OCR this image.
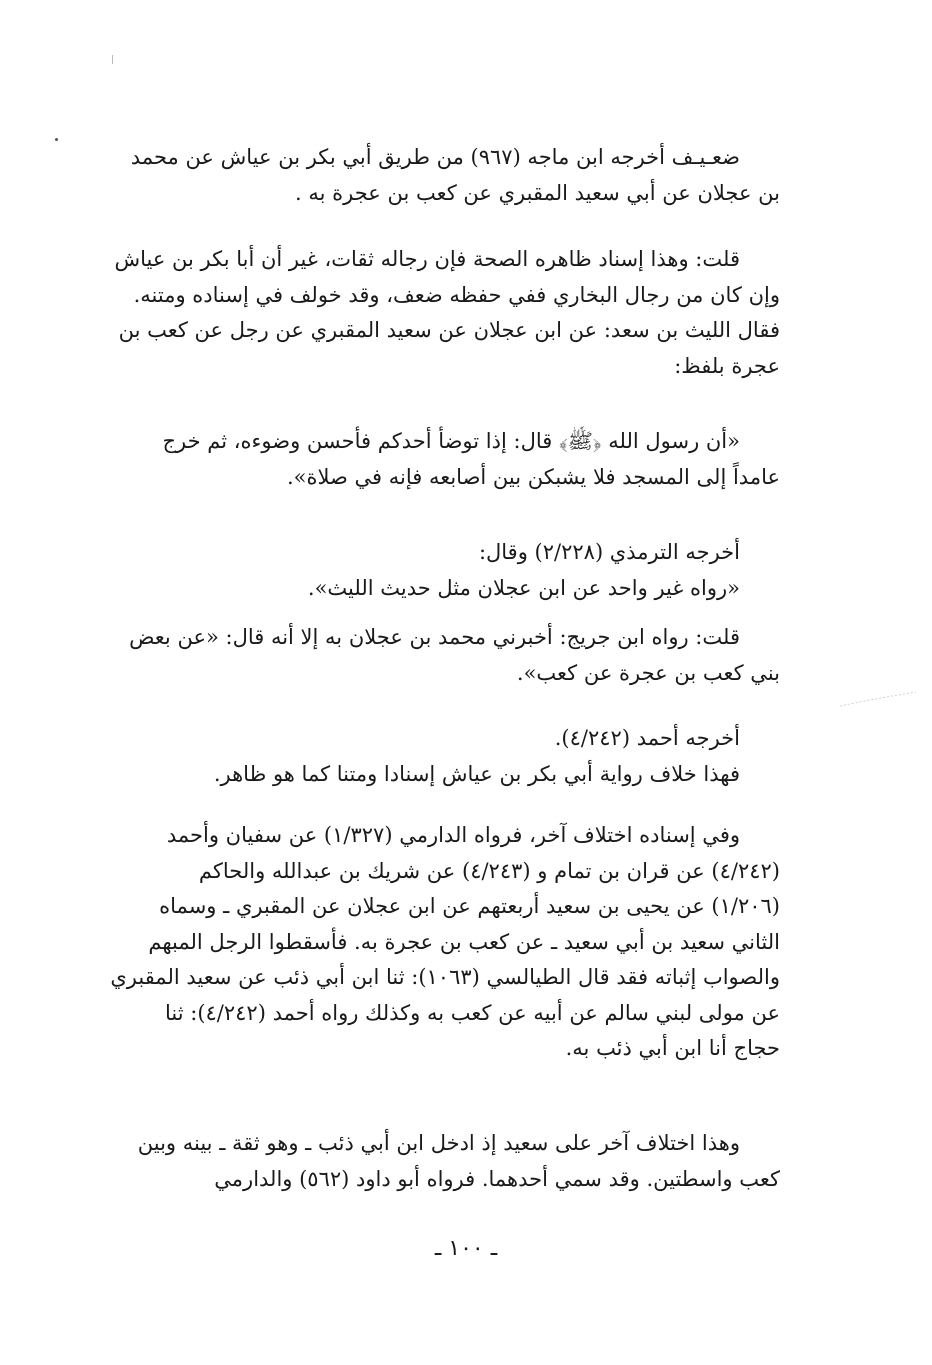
ضعـيـف أخرجه ابن ماجه (٩٦٧) من طريق أبي بكر بن عياش عن محمد

بن عجلان عن أبي سعيد المقبري عن كعب بن عجرة به .

قلت: وهذا إسناد ظاهره الصحة فإن رجاله ثقات، غير أن أبا بكر بن عياش

وإن كان من رجال البخاري ففي حفظه ضعف، وقد خولف في إسناده ومتنه.

فقال الليث بن سعد: عن ابن عجلان عن سعيد المقبري عن رجل عن كعب بن

عجرة بلفظ:

«أن رسول الله ﴿ﷺ﴾ قال: إذا توضأ أحدكم فأحسن وضوءه، ثم خرج

عامداً إلى المسجد فلا يشبكن بين أصابعه فإنه في صلاة».

أخرجه الترمذي (٢/٢٢٨) وقال:

«رواه غير واحد عن ابن عجلان مثل حديث الليث».

قلت: رواه ابن جريج: أخبرني محمد بن عجلان به إلا أنه قال: «عن بعض

بني كعب بن عجرة عن كعب».

أخرجه أحمد (٤/٢٤٢).

فهذا خلاف رواية أبي بكر بن عياش إسنادا ومتنا كما هو ظاهر.

وفي إسناده اختلاف آخر، فرواه الدارمي (١/٣٢٧) عن سفيان وأحمد

(٤/٢٤٢) عن قران بن تمام و (٤/٢٤٣) عن شريك بن عبدالله والحاكم

(١/٢٠٦) عن يحيى بن سعيد أربعتهم عن ابن عجلان عن المقبري ـ وسماه

الثاني سعيد بن أبي سعيد ـ عن كعب بن عجرة به. فأسقطوا الرجل المبهم

والصواب إثباته فقد قال الطيالسي (١٠٦٣): ثنا ابن أبي ذئب عن سعيد المقبري

عن مولى لبني سالم عن أبيه عن كعب به وكذلك رواه أحمد (٤/٢٤٢): ثنا

حجاج أنا ابن أبي ذئب به.

وهذا اختلاف آخر على سعيد إذ ادخل ابن أبي ذئب ـ وهو ثقة ـ بينه وبين

كعب واسطتين. وقد سمي أحدهما. فرواه أبو داود (٥٦٢) والدارمي

ـ ١٠٠ ـ
